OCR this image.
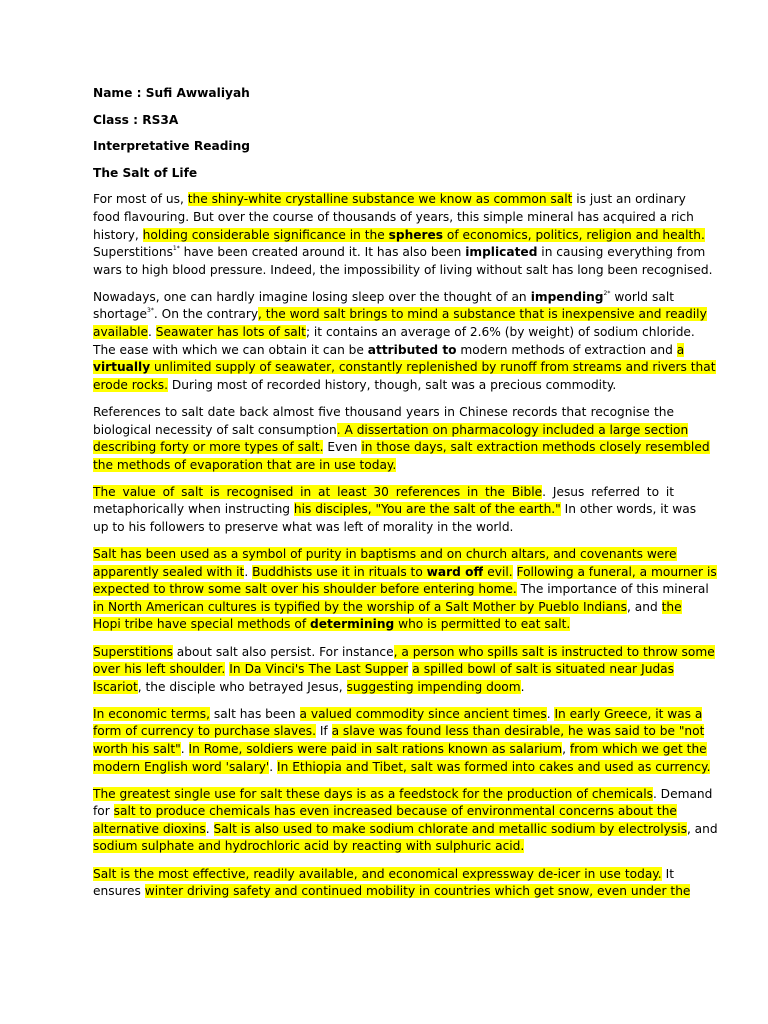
Name : Sufi Awwaliyah
Class : RS3A
Interpretative Reading
The Salt of Life
For most of us, the shiny-white crystalline substance we know as common salt is just an ordinary
food flavouring. But over the course of thousands of years, this simple mineral has acquired a rich
history, holding considerable significance in the spheres of economics, politics, religion and health.
Superstitions$^{1*}$ have been created around it. It has also been implicated in causing everything from
wars to high blood pressure. Indeed, the impossibility of living without salt has long been recognised.
Nowadays, one can hardly imagine losing sleep over the thought of an impending$^{2*}$ world salt
shortage$^{3*}$. On the contrary, the word salt brings to mind a substance that is inexpensive and readily
available. Seawater has lots of salt; it contains an average of 2.6% (by weight) of sodium chloride.
The ease with which we can obtain it can be attributed to modern methods of extraction and a
virtually unlimited supply of seawater, constantly replenished by runoff from streams and rivers that
erode rocks. During most of recorded history, though, salt was a precious commodity.
References to salt date back almost five thousand years in Chinese records that recognise the
biological necessity of salt consumption. A dissertation on pharmacology included a large section
describing forty or more types of salt. Even in those days, salt extraction methods closely resembled
the methods of evaporation that are in use today.
The value of salt is recognised in at least 30 references in the Bible. Jesus referred to it
metaphorically when instructing his disciples, "You are the salt of the earth." In other words, it was
up to his followers to preserve what was left of morality in the world.
Salt has been used as a symbol of purity in baptisms and on church altars, and covenants were
apparently sealed with it. Buddhists use it in rituals to ward off evil. Following a funeral, a mourner is
expected to throw some salt over his shoulder before entering home. The importance of this mineral
in North American cultures is typified by the worship of a Salt Mother by Pueblo Indians, and the
Hopi tribe have special methods of determining who is permitted to eat salt.
Superstitions about salt also persist. For instance, a person who spills salt is instructed to throw some
over his left shoulder. In Da Vinci's The Last Supper a spilled bowl of salt is situated near Judas
Iscariot, the disciple who betrayed Jesus, suggesting impending doom.
In economic terms, salt has been a valued commodity since ancient times. In early Greece, it was a
form of currency to purchase slaves. If a slave was found less than desirable, he was said to be "not
worth his salt". In Rome, soldiers were paid in salt rations known as salarium, from which we get the
modern English word 'salary'. In Ethiopia and Tibet, salt was formed into cakes and used as currency.
The greatest single use for salt these days is as a feedstock for the production of chemicals. Demand
for salt to produce chemicals has even increased because of environmental concerns about the
alternative dioxins. Salt is also used to make sodium chlorate and metallic sodium by electrolysis, and
sodium sulphate and hydrochloric acid by reacting with sulphuric acid.
Salt is the most effective, readily available, and economical expressway de-icer in use today. It
ensures winter driving safety and continued mobility in countries which get snow, even under the
